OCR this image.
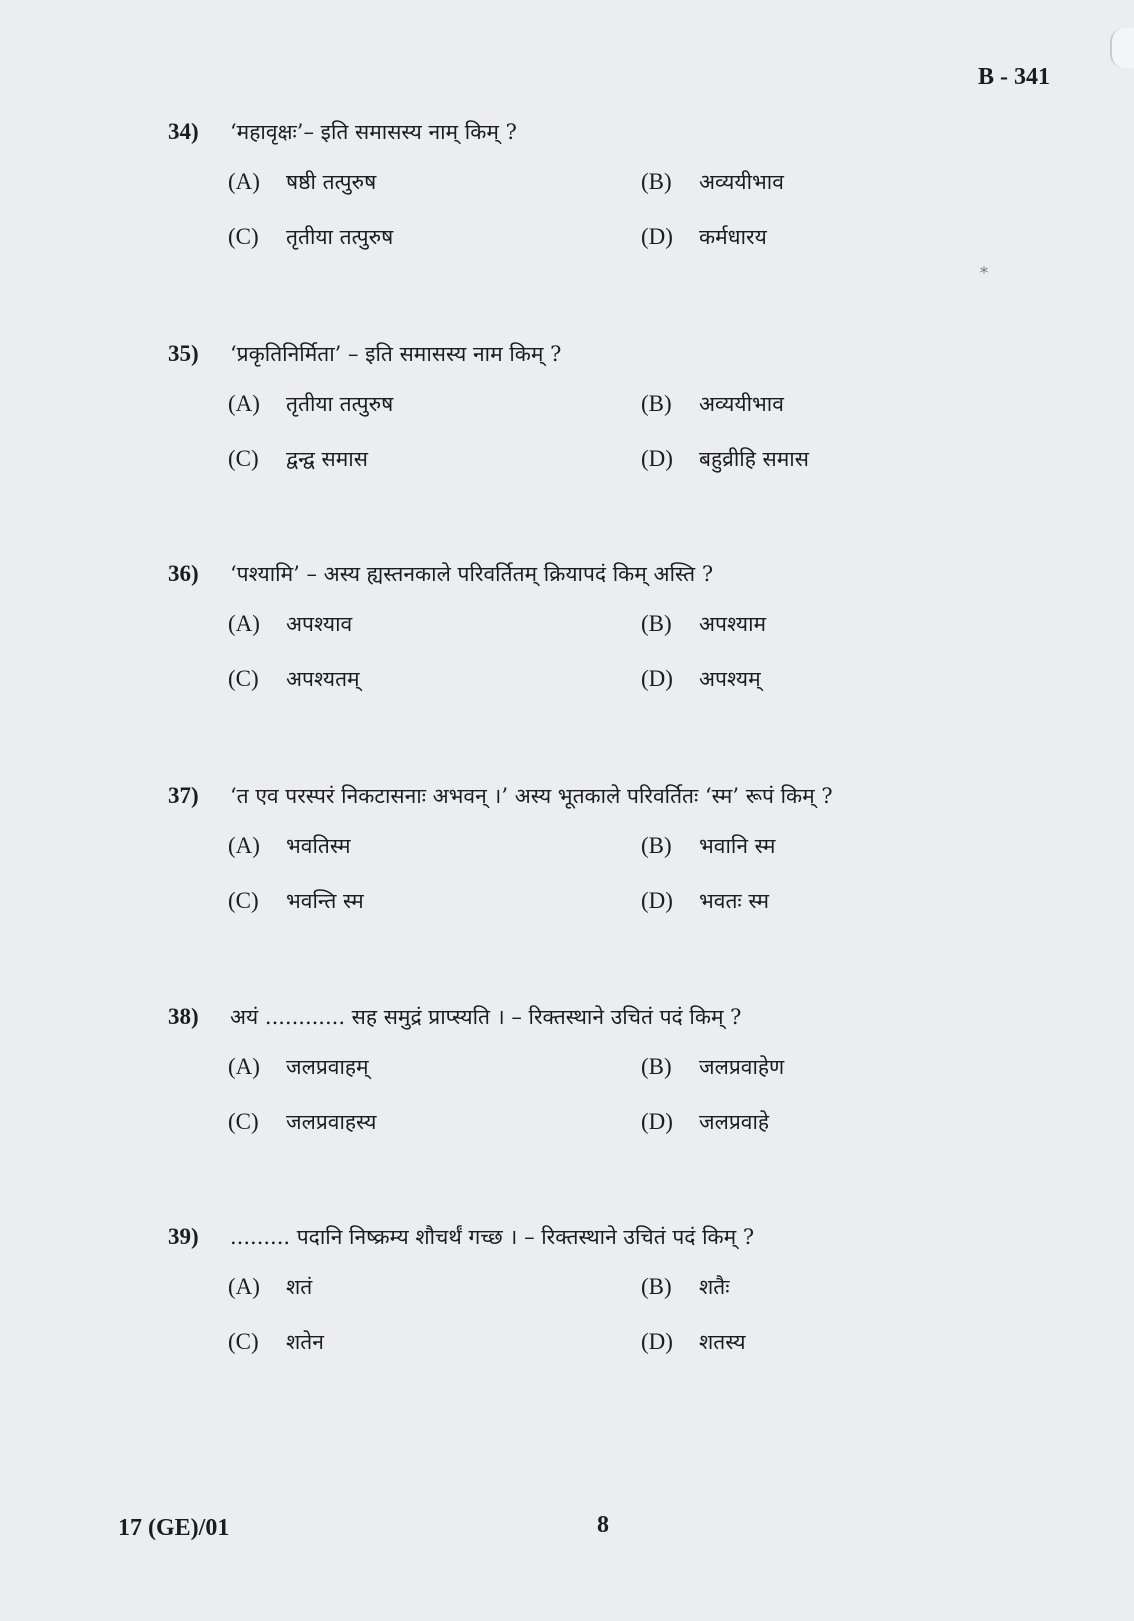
⁎
B - 341
34)	‘महावृक्षः’– इति समासस्य नाम् किम् ?
(A)	षष्ठी तत्पुरुष	(B)	अव्ययीभाव
(C)	तृतीया तत्पुरुष	(D)	कर्मधारय
35)	‘प्रकृतिनिर्मिता’ – इति समासस्य नाम किम् ?
(A)	तृतीया तत्पुरुष	(B)	अव्ययीभाव
(C)	द्वन्द्व समास	(D)	बहुव्रीहि समास
36)	‘पश्यामि’ – अस्य ह्यस्तनकाले परिवर्तितम् क्रियापदं किम् अस्ति ?
(A)	अपश्याव	(B)	अपश्याम
(C)	अपश्यतम्	(D)	अपश्यम्
37)	‘त एव परस्परं निकटासनाः अभवन् ।’ अस्य भूतकाले परिवर्तितः ‘स्म’ रूपं किम् ?
(A)	भवतिस्म	(B)	भवानि स्म
(C)	भवन्ति स्म	(D)	भवतः स्म
38)	अयं ............ सह समुद्रं प्राप्स्यति । – रिक्तस्थाने उचितं पदं किम् ?
(A)	जलप्रवाहम्	(B)	जलप्रवाहेण
(C)	जलप्रवाहस्य	(D)	जलप्रवाहे
39)	......... पदानि निष्क्रम्य शौचर्थं गच्छ । – रिक्तस्थाने उचितं पदं किम् ?
(A)	शतं	(B)	शतैः
(C)	शतेन	(D)	शतस्य
17 (GE)/01	8
